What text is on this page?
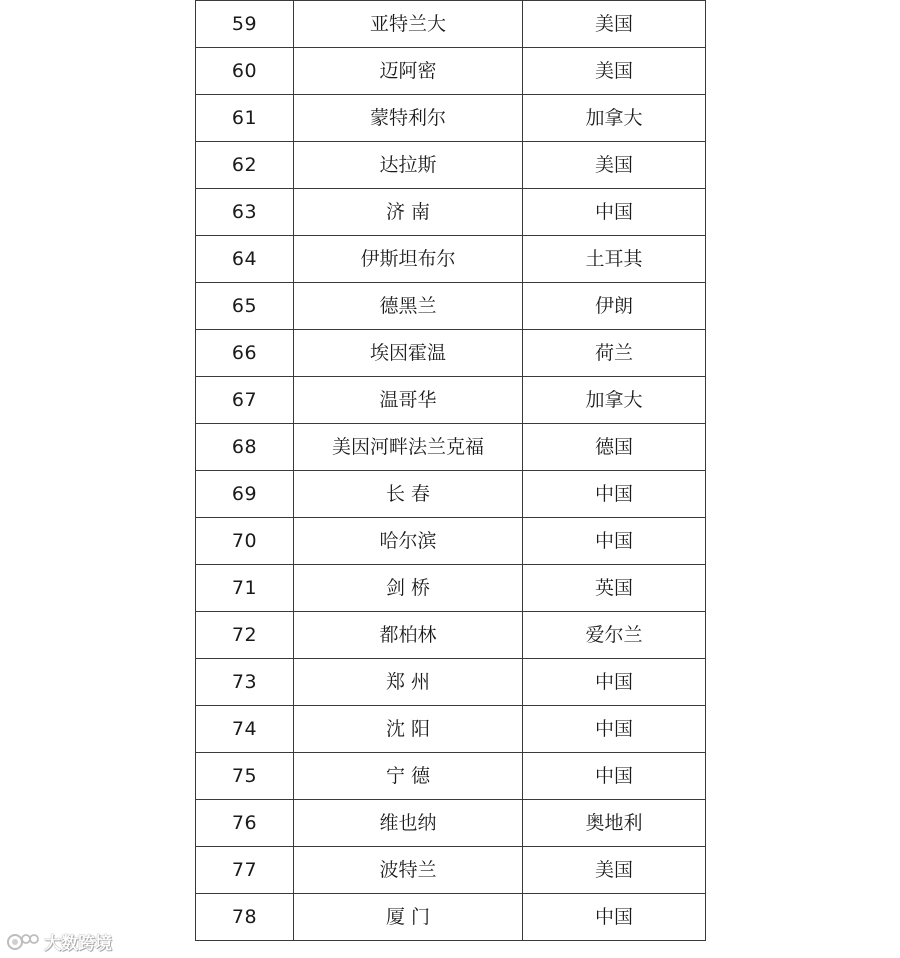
59	亚特兰大	美国
60	迈阿密	美国
61	蒙特利尔	加拿大
62	达拉斯	美国
63	济 南	中国
64	伊斯坦布尔	土耳其
65	德黑兰	伊朗
66	埃因霍温	荷兰
67	温哥华	加拿大
68	美因河畔法兰克福	德国
69	长 春	中国
70	哈尔滨	中国
71	剑 桥	英国
72	都柏林	爱尔兰
73	郑 州	中国
74	沈 阳	中国
75	宁 德	中国
76	维也纳	奥地利
77	波特兰	美国
78	厦 门	中国
大数跨境
